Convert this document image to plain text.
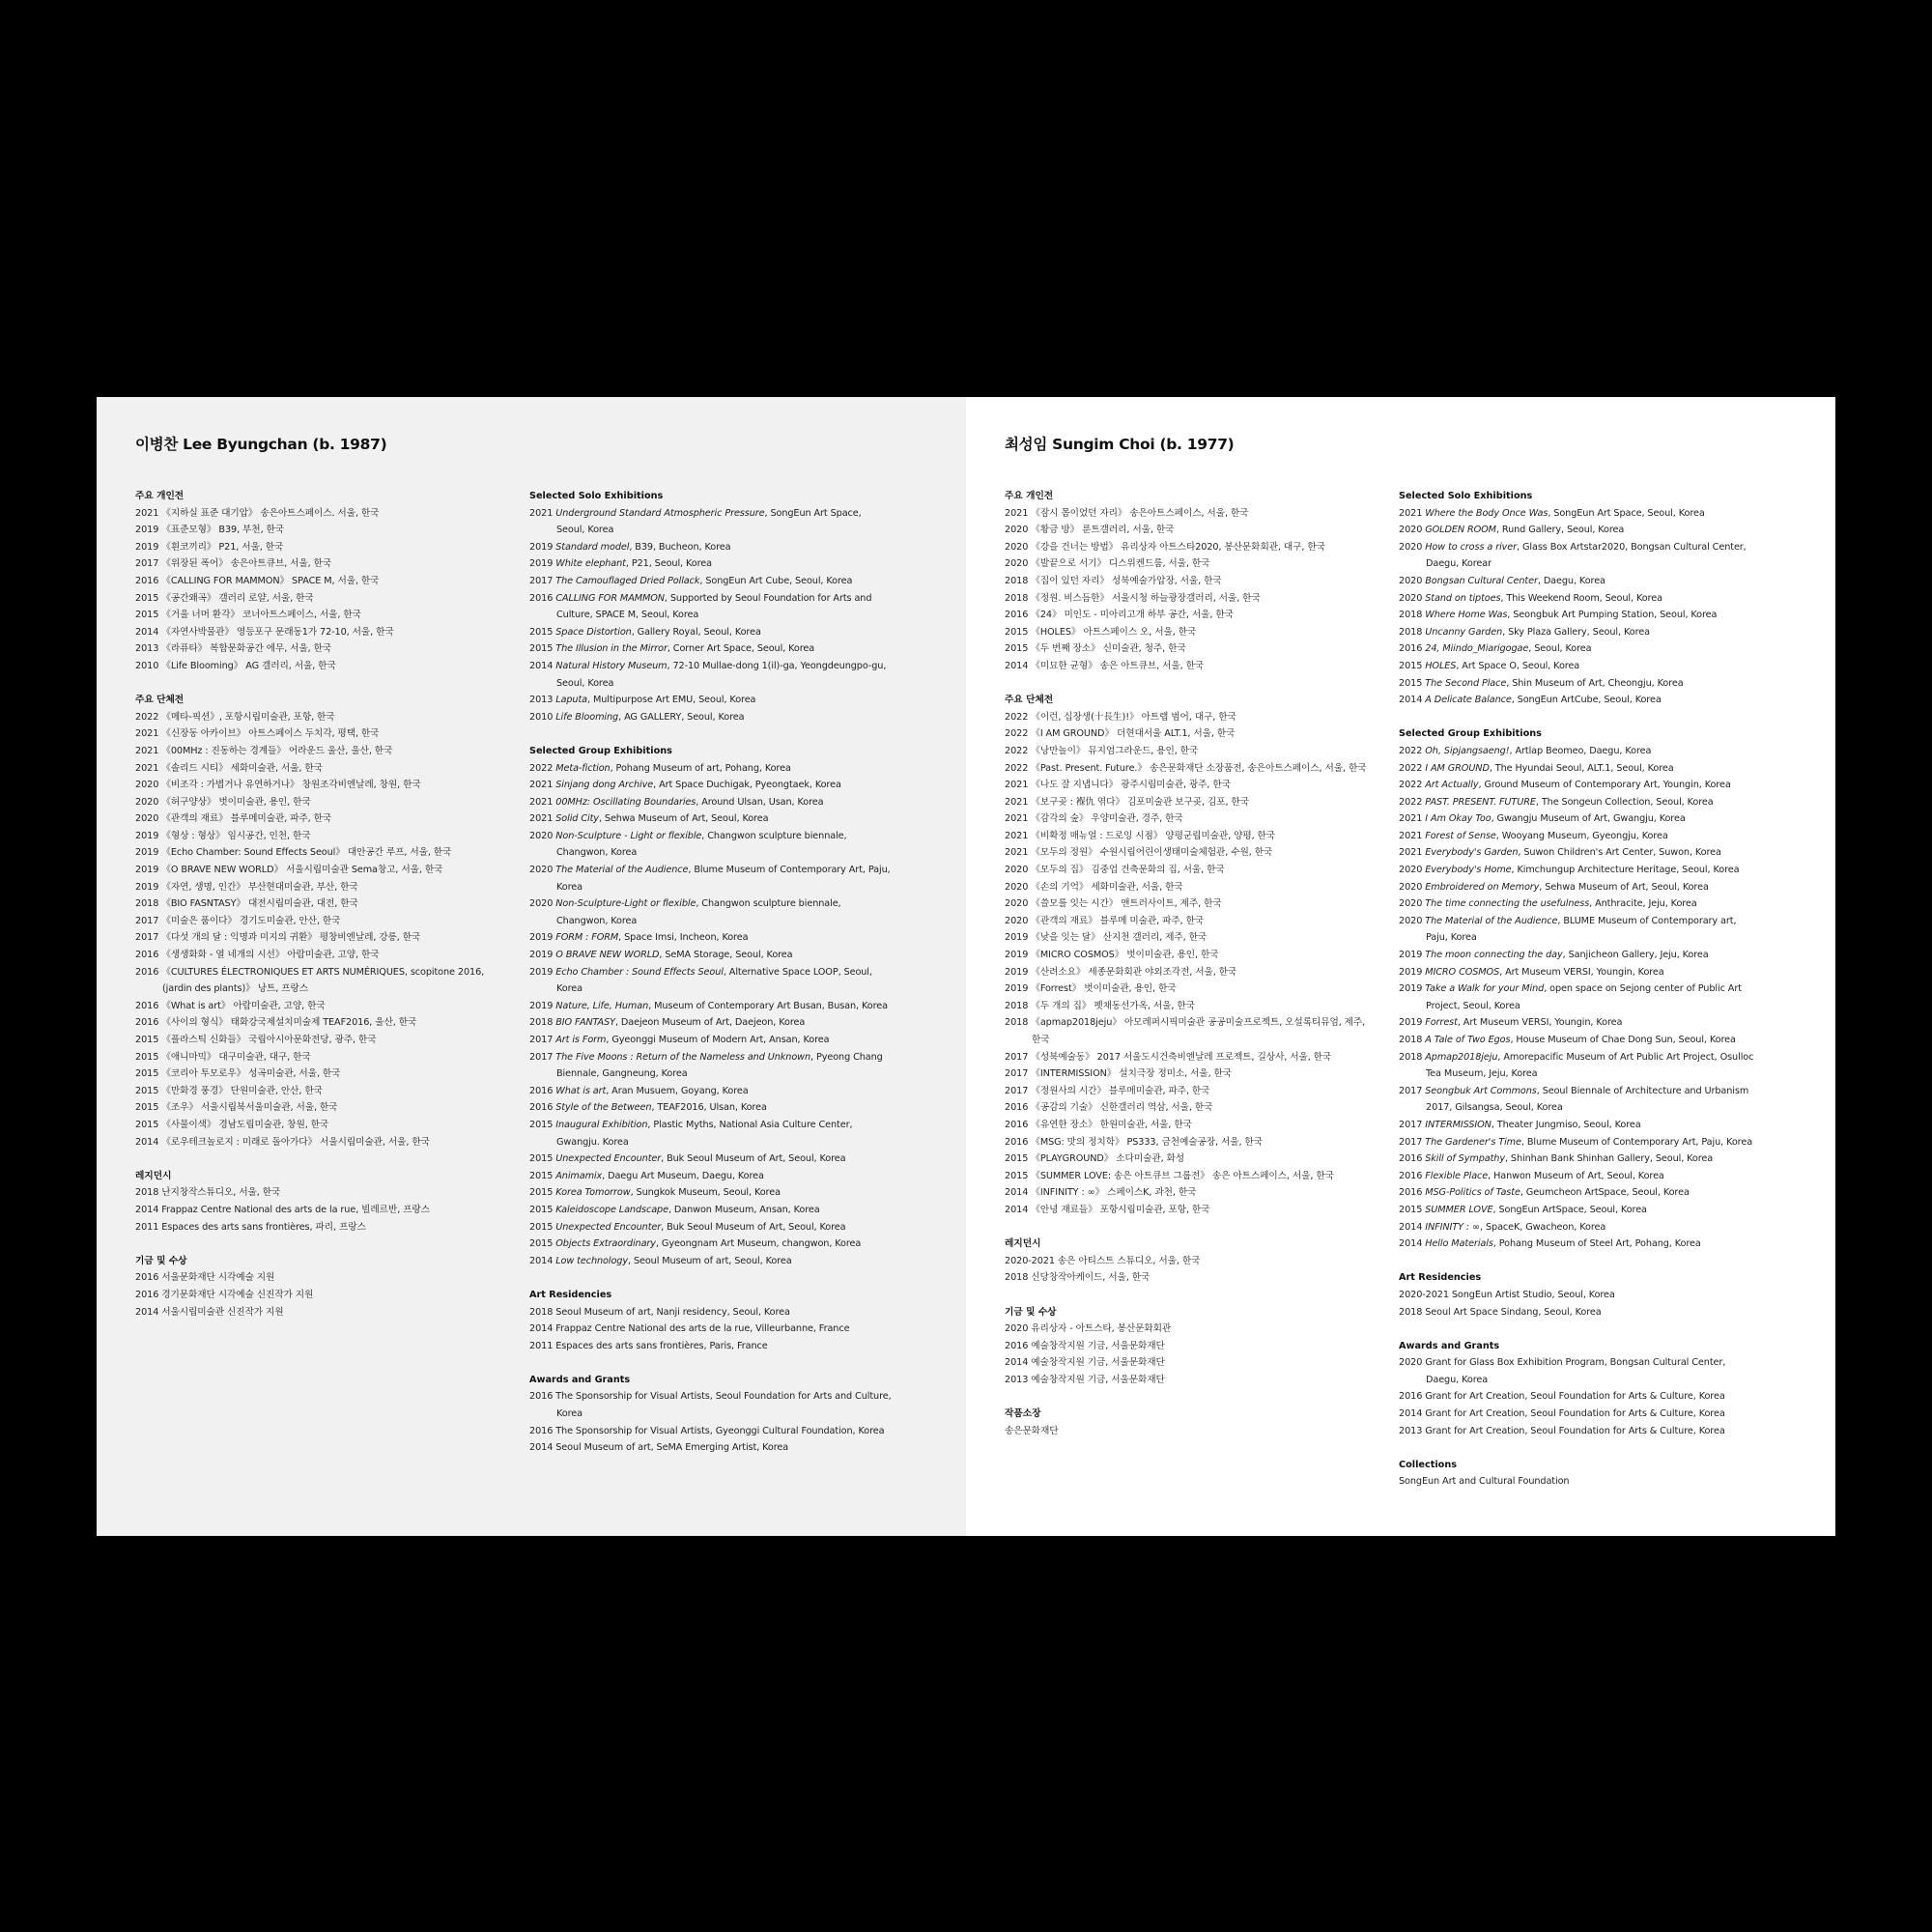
이병찬 Lee Byungchan (b. 1987)
주요 개인전
2021 《지하실 표준 대기압》 송은아트스페이스. 서울, 한국
2019 《표준모형》 B39, 부천, 한국
2019 《흰코끼리》 P21, 서울, 한국
2017 《위장된 폭어》 송은아트큐브, 서울, 한국
2016 《CALLING FOR MAMMON》 SPACE M, 서울, 한국
2015 《공간왜곡》 갤러리 로얄, 서울, 한국
2015 《거울 너머 환각》 코너아트스페이스, 서울, 한국
2014 《자연사박물관》 영등포구 문래동1가 72-10, 서울, 한국
2013 《라퓨타》 복합문화공간 에무, 서울, 한국
2010 《Life Blooming》 AG 갤러리, 서울, 한국
주요 단체전
2022 《메타-픽션》, 포항시립미술관, 포항, 한국
2021 《신장동 아카이브》 아트스페이스 두치각, 평택, 한국
2021 《00MHz : 진동하는 경계들》 어라운드 울산, 울산, 한국
2021 《솔리드 시티》 세화미술관, 서울, 한국
2020 《비조각 : 가볍거나 유연하거나》 창원조각비엔날레, 창원, 한국
2020 《허구양상》 벗이미술관, 용인, 한국
2020 《관객의 재료》 블루메미술관, 파주, 한국
2019 《형상 : 형상》 임시공간, 인천, 한국
2019 《Echo Chamber: Sound Effects Seoul》 대안공간 루프, 서울, 한국
2019 《O BRAVE NEW WORLD》 서울시립미술관 Sema창고, 서울, 한국
2019 《자연, 생명, 인간》 부산현대미술관, 부산, 한국
2018 《BIO FASNTASY》 대전시립미술관, 대전, 한국
2017 《미술은 품이다》 경기도미술관, 안산, 한국
2017 《다섯 개의 달 : 익명과 미지의 귀환》 평창비엔날레, 강릉, 한국
2016 《생생화화 - 열 네개의 시선》 아람미술관, 고양, 한국
2016 《CULTURES ÉLECTRONIQUES ET ARTS NUMÉRIQUES, scopitone 2016, (jardin des plants)》 낭트, 프랑스
2016 《What is art》 아람미술관, 고양, 한국
2016 《사이의 형식》 태화강국제설치미술제 TEAF2016, 울산, 한국
2015 《플라스틱 신화들》 국립아시아문화전당, 광주, 한국
2015 《애니마믹》 대구미술관, 대구, 한국
2015 《코리아 투모로우》 성곡미술관, 서울, 한국
2015 《만화경 풍경》 단원미술관, 안산, 한국
2015 《조우》 서울시립북서울미술관, 서울, 한국
2015 《사물이색》 경남도립미술관, 창원, 한국
2014 《로우테크놀로지 : 미래로 돌아가다》 서울시립미술관, 서울, 한국
레지던시
2018 난지창작스튜디오, 서울, 한국
2014 Frappaz Centre National des arts de la rue, 빌레르반, 프랑스
2011 Espaces des arts sans frontières, 파리, 프랑스
기금 및 수상
2016 서울문화재단 시각예술 지원
2016 경기문화재단 시각예술 신진작가 지원
2014 서울시립미술관 신진작가 지원
Selected Solo Exhibitions
2021 Underground Standard Atmospheric Pressure, SongEun Art Space, Seoul, Korea
2019 Standard model, B39, Bucheon, Korea
2019 White elephant, P21, Seoul, Korea
2017 The Camouflaged Dried Pollack, SongEun Art Cube, Seoul, Korea
2016 CALLING FOR MAMMON, Supported by Seoul Foundation for Arts and Culture, SPACE M, Seoul, Korea
2015 Space Distortion, Gallery Royal, Seoul, Korea
2015 The Illusion in the Mirror, Corner Art Space, Seoul, Korea
2014 Natural History Museum, 72-10 Mullae-dong 1(il)-ga, Yeongdeungpo-gu, Seoul, Korea
2013 Laputa, Multipurpose Art EMU, Seoul, Korea
2010 Life Blooming, AG GALLERY, Seoul, Korea
Selected Group Exhibitions
2022 Meta-fiction, Pohang Museum of art, Pohang, Korea
2021 Sinjang dong Archive, Art Space Duchigak, Pyeongtaek, Korea
2021 00MHz: Oscillating Boundaries, Around Ulsan, Usan, Korea
2021 Solid City, Sehwa Museum of Art, Seoul, Korea
2020 Non-Sculpture - Light or flexible, Changwon sculpture biennale, Changwon, Korea
2020 The Material of the Audience, Blume Museum of Contemporary Art, Paju, Korea
2020 Non-Sculpture-Light or flexible, Changwon sculpture biennale, Changwon, Korea
2019 FORM : FORM, Space Imsi, Incheon, Korea
2019 O BRAVE NEW WORLD, SeMA Storage, Seoul, Korea
2019 Echo Chamber : Sound Effects Seoul, Alternative Space LOOP, Seoul, Korea
2019 Nature, Life, Human, Museum of Contemporary Art Busan, Busan, Korea
2018 BIO FANTASY, Daejeon Museum of Art, Daejeon, Korea
2017 Art is Form, Gyeonggi Museum of Modern Art, Ansan, Korea
2017 The Five Moons : Return of the Nameless and Unknown, Pyeong Chang Biennale, Gangneung, Korea
2016 What is art, Aran Musuem, Goyang, Korea
2016 Style of the Between, TEAF2016, Ulsan, Korea
2015 Inaugural Exhibition, Plastic Myths, National Asia Culture Center, Gwangju. Korea
2015 Unexpected Encounter, Buk Seoul Museum of Art, Seoul, Korea
2015 Animamix, Daegu Art Museum, Daegu, Korea
2015 Korea Tomorrow, Sungkok Museum, Seoul, Korea
2015 Kaleidoscope Landscape, Danwon Museum, Ansan, Korea
2015 Unexpected Encounter, Buk Seoul Museum of Art, Seoul, Korea
2015 Objects Extraordinary, Gyeongnam Art Museum, changwon, Korea
2014 Low technology, Seoul Museum of art, Seoul, Korea
Art Residencies
2018 Seoul Museum of art, Nanji residency, Seoul, Korea
2014 Frappaz Centre National des arts de la rue, Villeurbanne, France
2011 Espaces des arts sans frontières, Paris, France
Awards and Grants
2016 The Sponsorship for Visual Artists, Seoul Foundation for Arts and Culture, Korea
2016 The Sponsorship for Visual Artists, Gyeonggi Cultural Foundation, Korea
2014 Seoul Museum of art, SeMA Emerging Artist, Korea
최성임 Sungim Choi (b. 1977)
주요 개인전
2021 《잠시 몸이었던 자리》 송은아트스페이스, 서울, 한국
2020 《황금 방》 룬트갤러리, 서울, 한국
2020 《강을 건너는 방법》 유리상자 아트스타2020, 봉산문화회관, 대구, 한국
2020 《발끝으로 서기》 디스위켄드룸, 서울, 한국
2018 《집이 있던 자리》 성북예술가압장, 서울, 한국
2018 《정원. 비스듬한》 서울시청 하늘광장갤러리, 서울, 한국
2016 《24》 미인도 - 미아리고개 하부 공간, 서울, 한국
2015 《HOLES》 아트스페이스 오, 서울, 한국
2015 《두 번째 장소》 신미술관, 청주, 한국
2014 《미묘한 균형》 송은 아트큐브, 서울, 한국
주요 단체전
2022 《이런, 십장생(十長生)!》 아트랩 범어, 대구, 한국
2022 《I AM GROUND》 더현대서울 ALT.1, 서울, 한국
2022 《낭만놀이》 뮤지엄그라운드, 용인, 한국
2022 《Past. Present. Future.》 송은문화재단 소장품전, 송은아트스페이스, 서울, 한국
2021 《나도 잘 지냅니다》 광주시립미술관, 광주, 한국
2021 《보구곶 : 褓仇 엮다》 김포미술관 보구곶, 김포, 한국
2021 《감각의 숲》 우양미술관, 경주, 한국
2021 《비확정 매뉴얼 : 드로잉 시점》 양평군립미술관, 양평, 한국
2021 《모두의 정원》 수원시립어린이생태미술체험관, 수원, 한국
2020 《모두의 집》 김중업 건축문화의 집, 서울, 한국
2020 《손의 기억》 세화미술관, 서울, 한국
2020 《쓸모를 잇는 시간》 앤트러사이트, 제주, 한국
2020 《관객의 재료》 블루메 미술관, 파주, 한국
2019 《낮을 잇는 달》 산지천 갤러리, 제주, 한국
2019 《MICRO COSMOS》 벗이미술관, 용인, 한국
2019 《산려소요》 세종문화회관 야외조각전, 서울, 한국
2019 《Forrest》 벗이미술관, 용인, 한국
2018 《두 개의 집》 펫채동선가옥, 서울, 한국
2018 《apmap2018jeju》 아모레퍼시픽미술관 공공미술프로젝트, 오설록티뮤엄, 제주, 한국
2017 《성북예술동》 2017 서울도시건축비엔날레 프로젝트, 길상사, 서울, 한국
2017 《INTERMISSION》 설치극장 정미소, 서울, 한국
2017 《정원사의 시간》 블루메미술관, 파주, 한국
2016 《공감의 기술》 신한갤러리 역삼, 서울, 한국
2016 《유연한 장소》 한원미술관, 서울, 한국
2016 《MSG: 맛의 정치학》 PS333, 금천예술공장, 서울, 한국
2015 《PLAYGROUND》 소다미술관, 화성
2015 《SUMMER LOVE: 송은 아트큐브 그룹전》 송은 아트스페이스, 서울, 한국
2014 《INFINITY : ∞》 스페이스K, 과천, 한국
2014 《안녕 재료들》 포항시립미술관, 포항, 한국
레지던시
2020-2021 송은 아티스트 스튜디오, 서울, 한국
2018 신당창작아케이드, 서울, 한국
기금 및 수상
2020 유리상자 - 아트스타, 봉산문화회관
2016 예술창작지원 기금, 서울문화재단
2014 예술창작지원 기금, 서울문화재단
2013 예술창작지원 기금, 서울문화재단
작품소장
송은문화재단
Selected Solo Exhibitions
2021 Where the Body Once Was, SongEun Art Space, Seoul, Korea
2020 GOLDEN ROOM, Rund Gallery, Seoul, Korea
2020 How to cross a river, Glass Box Artstar2020, Bongsan Cultural Center, Daegu, Korear
2020 Bongsan Cultural Center, Daegu, Korea
2020 Stand on tiptoes, This Weekend Room, Seoul, Korea
2018 Where Home Was, Seongbuk Art Pumping Station, Seoul, Korea
2018 Uncanny Garden, Sky Plaza Gallery, Seoul, Korea
2016 24, Miindo_Miarigogae, Seoul, Korea
2015 HOLES, Art Space O, Seoul, Korea
2015 The Second Place, Shin Museum of Art, Cheongju, Korea
2014 A Delicate Balance, SongEun ArtCube, Seoul, Korea
Selected Group Exhibitions
2022 Oh, Sipjangsaeng!, Artlap Beomeo, Daegu, Korea
2022 I AM GROUND, The Hyundai Seoul, ALT.1, Seoul, Korea
2022 Art Actually, Ground Museum of Contemporary Art, Youngin, Korea
2022 PAST. PRESENT. FUTURE, The Songeun Collection, Seoul, Korea
2021 I Am Okay Too, Gwangju Museum of Art, Gwangju, Korea
2021 Forest of Sense, Wooyang Museum, Gyeongju, Korea
2021 Everybody's Garden, Suwon Children's Art Center, Suwon, Korea
2020 Everybody's Home, Kimchungup Architecture Heritage, Seoul, Korea
2020 Embroidered on Memory, Sehwa Museum of Art, Seoul, Korea
2020 The time connecting the usefulness, Anthracite, Jeju, Korea
2020 The Material of the Audience, BLUME Museum of Contemporary art, Paju, Korea
2019 The moon connecting the day, Sanjicheon Gallery, Jeju, Korea
2019 MICRO COSMOS, Art Museum VERSI, Youngin, Korea
2019 Take a Walk for your Mind, open space on Sejong center of Public Art Project, Seoul, Korea
2019 Forrest, Art Museum VERSI, Youngin, Korea
2018 A Tale of Two Egos, House Museum of Chae Dong Sun, Seoul, Korea
2018 Apmap2018jeju, Amorepacific Museum of Art Public Art Project, Osulloc Tea Museum, Jeju, Korea
2017 Seongbuk Art Commons, Seoul Biennale of Architecture and Urbanism 2017, Gilsangsa, Seoul, Korea
2017 INTERMISSION, Theater Jungmiso, Seoul, Korea
2017 The Gardener's Time, Blume Museum of Contemporary Art, Paju, Korea
2016 Skill of Sympathy, Shinhan Bank Shinhan Gallery, Seoul, Korea
2016 Flexible Place, Hanwon Museum of Art, Seoul, Korea
2016 MSG-Politics of Taste, Geumcheon ArtSpace, Seoul, Korea
2015 SUMMER LOVE, SongEun ArtSpace, Seoul, Korea
2014 INFINITY : ∞, SpaceK, Gwacheon, Korea
2014 Hello Materials, Pohang Museum of Steel Art, Pohang, Korea
Art Residencies
2020-2021 SongEun Artist Studio, Seoul, Korea
2018 Seoul Art Space Sindang, Seoul, Korea
Awards and Grants
2020 Grant for Glass Box Exhibition Program, Bongsan Cultural Center, Daegu, Korea
2016 Grant for Art Creation, Seoul Foundation for Arts & Culture, Korea
2014 Grant for Art Creation, Seoul Foundation for Arts & Culture, Korea
2013 Grant for Art Creation, Seoul Foundation for Arts & Culture, Korea
Collections
SongEun Art and Cultural Foundation
